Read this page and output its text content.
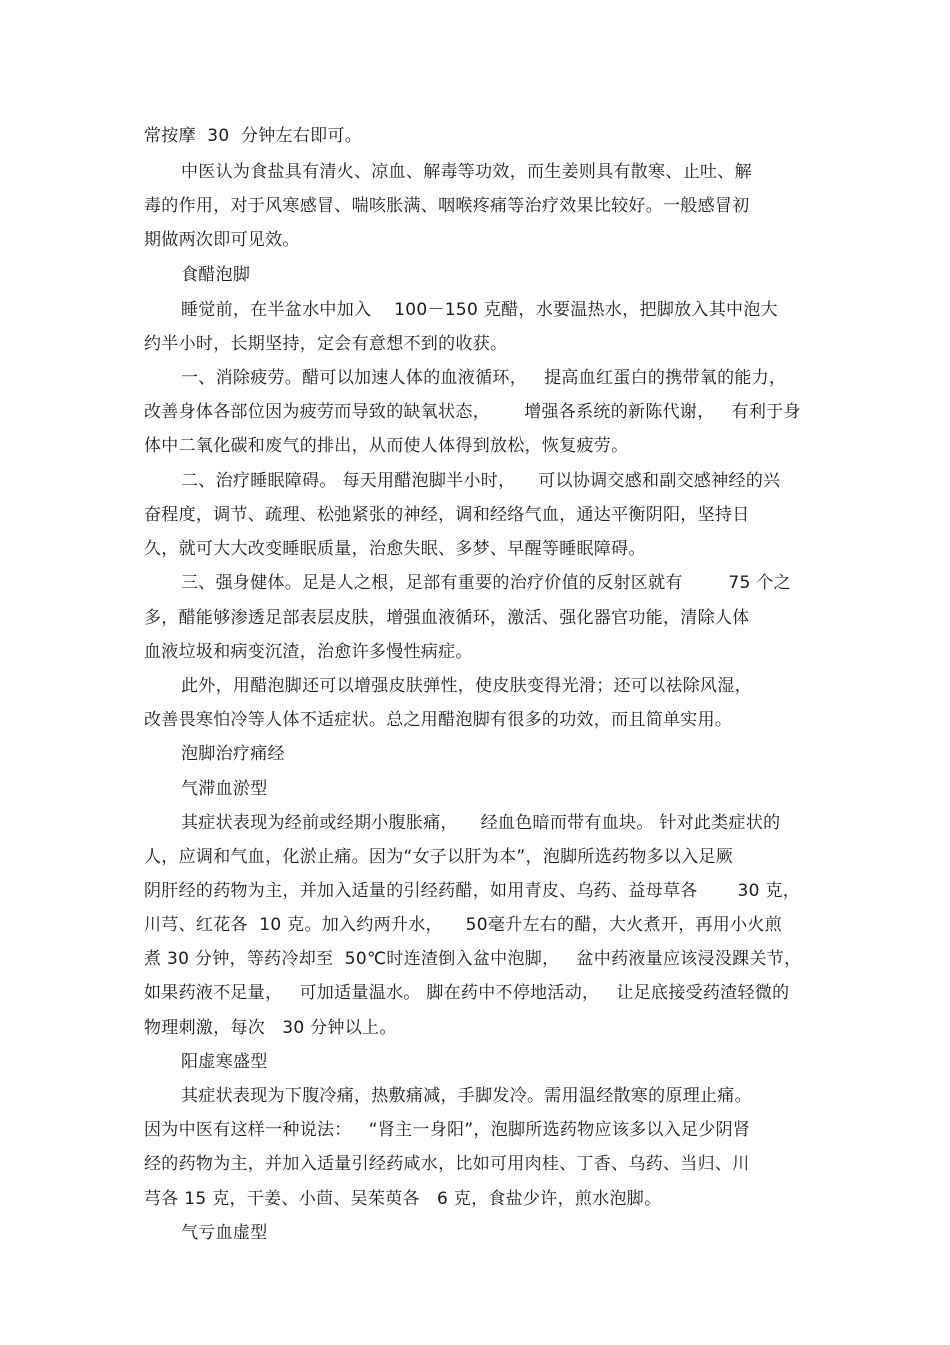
常按摩  30  分钟左右即可。
中医认为食盐具有清火、凉血、解毒等功效，而生姜则具有散寒、止吐、解
毒的作用，对于风寒感冒、喘咳胀满、咽喉疼痛等治疗效果比较好。一般感冒初
期做两次即可见效。
食醋泡脚
睡觉前，在半盆水中加入    100－150 克醋，水要温热水，把脚放入其中泡大
约半小时，长期坚持，定会有意想不到的收获。
一、消除疲劳。醋可以加速人体的血液循环，   提高血红蛋白的携带氧的能力，
改善身体各部位因为疲劳而导致的缺氧状态，      增强各系统的新陈代谢，   有利于身
体中二氧化碳和废气的排出，从而使人体得到放松，恢复疲劳。
二、治疗睡眠障碍。 每天用醋泡脚半小时，    可以协调交感和副交感神经的兴
奋程度，调节、疏理、松弛紧张的神经，调和经络气血，通达平衡阴阳，坚持日
久，就可大大改变睡眠质量，治愈失眠、多梦、早醒等睡眠障碍。
三、强身健体。足是人之根，足部有重要的治疗价值的反射区就有        75 个之
多，醋能够渗透足部表层皮肤，增强血液循环，激活、强化器官功能，清除人体
血液垃圾和病变沉渣，治愈许多慢性病症。
此外，用醋泡脚还可以增强皮肤弹性，使皮肤变得光滑；还可以祛除风湿，
改善畏寒怕冷等人体不适症状。总之用醋泡脚有很多的功效，而且简单实用。
泡脚治疗痛经
气滞血淤型
其症状表现为经前或经期小腹胀痛，    经血色暗而带有血块。 针对此类症状的
人，应调和气血，化淤止痛。因为“女子以肝为本”，泡脚所选药物多以入足厥
阴肝经的药物为主，并加入适量的引经药醋，如用青皮、乌药、益母草各       30 克，
川芎、红花各  10 克。加入约两升水，    50毫升左右的醋，大火煮开，再用小火煎
煮 30 分钟，等药冷却至  50℃时连渣倒入盆中泡脚，   盆中药液量应该浸没踝关节，
如果药液不足量，   可加适量温水。 脚在药中不停地活动，   让足底接受药渣轻微的
物理刺激，每次   30 分钟以上。
阳虚寒盛型
其症状表现为下腹冷痛，热敷痛减，手脚发冷。需用温经散寒的原理止痛。
因为中医有这样一种说法：   “肾主一身阳”，泡脚所选药物应该多以入足少阴肾
经的药物为主，并加入适量引经药咸水，比如可用肉桂、丁香、乌药、当归、川
芎各 15 克，干姜、小茴、吴茱萸各   6 克，食盐少许，煎水泡脚。
气亏血虚型
